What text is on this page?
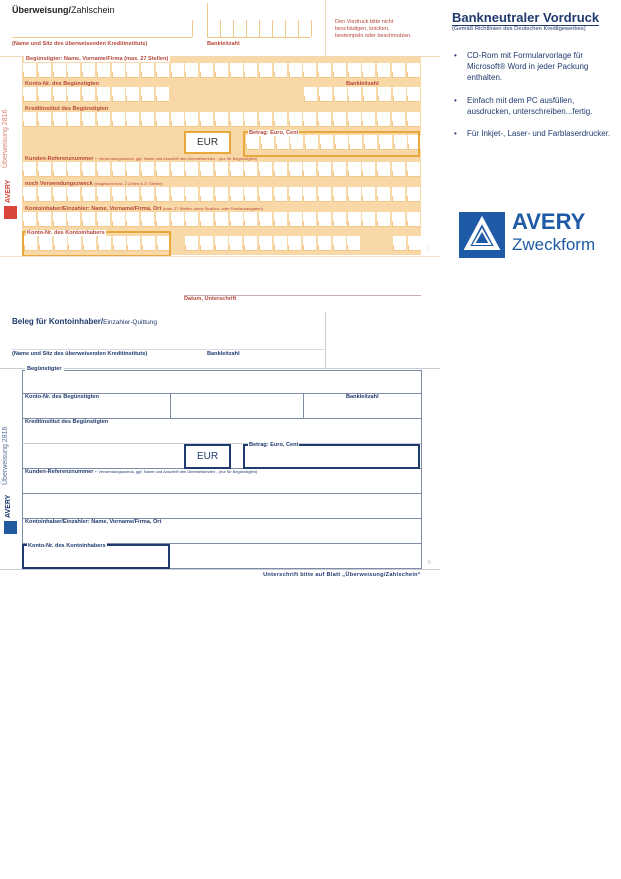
Überweisung/Zahlschein
Den Vordruck bitte nicht
beschädigen, knicken,
bestempeln oder beschmutzen.
(Name und Sitz des überweisenden Kreditinstituts)	Bankleitzahl
EUR
Begünstigter: Name, Vorname/Firma (max. 27 Stellen)
Konto-Nr. des Begünstigten	Bankleitzahl
Kreditinstitut des Begünstigten
Betrag: Euro, Cent
Kunden-Referenznummer - Verwendungszweck, ggf. Name und Anschrift des Überweisenden - (nur für Begünstigten)
noch Verwendungszweck (insgesamt max. 2 Zeilen à 27 Stellen)
Kontoinhaber/Einzahler: Name, Vorname/Firma, Ort (max. 27 Stellen, keine Straßen- oder Postfachangaben)
Konto-Nr. des Kontoinhabers
Überweisung 2816
AVERY
I
Datum, Unterschrift
Beleg für Kontoinhaber/Einzahler-Quittung
(Name und Sitz des überweisenden Kreditinstituts)	Bankleitzahl
EUR
Begünstigter
Konto-Nr. des Begünstigten	Bankleitzahl
Kreditinstitut des Begünstigten
Betrag: Euro, Cent
Kunden-Referenznummer - Verwendungszweck, ggf. Name und Anschrift des Überweisenden - (nur für Begünstigten)
Kontoinhaber/Einzahler: Name, Vorname/Firma, Ort
Konto-Nr. des Kontoinhabers
Überweisung 2816
AVERY
II
Unterschrift bitte auf Blatt „Überweisung/Zahlschein“
Bankneutraler Vordruck
(Gemäß Richtlinien des Deutschen Kreditgewerbes)
• CD-Rom mit Formularvorlage für Microsoft® Word in jeder Packung enthalten.
• Einfach mit dem PC ausfüllen, ausdrucken, unterschreiben...fertig.
• Für Inkjet-, Laser- und Farblaserdrucker.
AVERY
Zweckform
